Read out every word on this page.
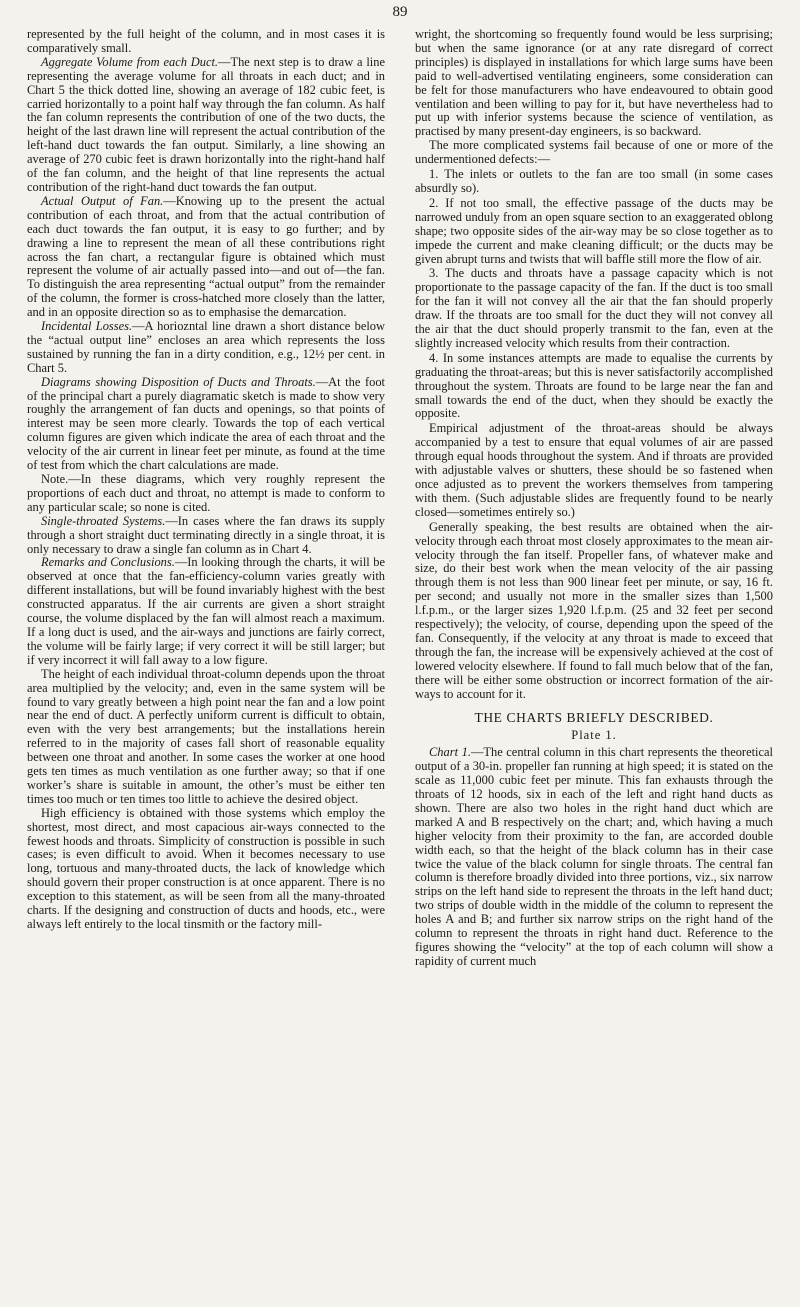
89

represented by the full height of the column, and in most cases it is comparatively small.

Aggregate Volume from each Duct.—The next step is to draw a line representing the average volume for all throats in each duct; and in Chart 5 the thick dotted line, showing an average of 182 cubic feet, is carried horizontally to a point half way through the fan column. As half the fan column represents the contribution of one of the two ducts, the height of the last drawn line will represent the actual contribution of the left-hand duct towards the fan output. Similarly, a line showing an average of 270 cubic feet is drawn horizontally into the right-hand half of the fan column, and the height of that line represents the actual contribution of the right-hand duct towards the fan output.

Actual Output of Fan.—Knowing up to the present the actual contribution of each throat, and from that the actual contribution of each duct towards the fan output, it is easy to go further; and by drawing a line to represent the mean of all these contributions right across the fan chart, a rectangular figure is obtained which must represent the volume of air actually passed into—and out of—the fan. To distinguish the area representing “actual output” from the remainder of the column, the former is cross-hatched more closely than the latter, and in an opposite direction so as to emphasise the demarcation.

Incidental Losses.—A horiozntal line drawn a short distance below the “actual output line” encloses an area which represents the loss sustained by running the fan in a dirty condition, e.g., 12½ per cent. in Chart 5.

Diagrams showing Disposition of Ducts and Throats.—At the foot of the principal chart a purely diagramatic sketch is made to show very roughly the arrangement of fan ducts and openings, so that points of interest may be seen more clearly. Towards the top of each vertical column figures are given which indicate the area of each throat and the velocity of the air current in linear feet per minute, as found at the time of test from which the chart calculations are made.

Note.—In these diagrams, which very roughly represent the proportions of each duct and throat, no attempt is made to conform to any particular scale; so none is cited.

Single-throated Systems.—In cases where the fan draws its supply through a short straight duct terminating directly in a single throat, it is only necessary to draw a single fan column as in Chart 4.

Remarks and Conclusions.—In looking through the charts, it will be observed at once that the fan-efficiency-column varies greatly with different installations, but will be found invariably highest with the best constructed apparatus. If the air currents are given a short straight course, the volume displaced by the fan will almost reach a maximum. If a long duct is used, and the air-ways and junctions are fairly correct, the volume will be fairly large; if very correct it will be still larger; but if very incorrect it will fall away to a low figure.

The height of each individual throat-column depends upon the throat area multiplied by the velocity; and, even in the same system will be found to vary greatly between a high point near the fan and a low point near the end of duct. A perfectly uniform current is difficult to obtain, even with the very best arrangements; but the installations herein referred to in the majority of cases fall short of reasonable equality between one throat and another. In some cases the worker at one hood gets ten times as much ventilation as one further away; so that if one worker’s share is suitable in amount, the other’s must be either ten times too much or ten times too little to achieve the desired object.

High efficiency is obtained with those systems which employ the shortest, most direct, and most capacious air-ways connected to the fewest hoods and throats. Simplicity of construction is possible in such cases; is even difficult to avoid. When it becomes necessary to use long, tortuous and many-throated ducts, the lack of knowledge which should govern their proper construction is at once apparent. There is no exception to this statement, as will be seen from all the many-throated charts. If the designing and construction of ducts and hoods, etc., were always left entirely to the local tinsmith or the factory mill-

wright, the shortcoming so frequently found would be less surprising; but when the same ignorance (or at any rate disregard of correct principles) is displayed in installations for which large sums have been paid to well-advertised ventilating engineers, some consideration can be felt for those manufacturers who have endeavoured to obtain good ventilation and been willing to pay for it, but have nevertheless had to put up with inferior systems because the science of ventilation, as practised by many present-day engineers, is so backward.

The more complicated systems fail because of one or more of the undermentioned defects:—

1. The inlets or outlets to the fan are too small (in some cases absurdly so).

2. If not too small, the effective passage of the ducts may be narrowed unduly from an open square section to an exaggerated oblong shape; two opposite sides of the air-way may be so close together as to impede the current and make cleaning difficult; or the ducts may be given abrupt turns and twists that will baffle still more the flow of air.

3. The ducts and throats have a passage capacity which is not proportionate to the passage capacity of the fan. If the duct is too small for the fan it will not convey all the air that the fan should properly draw. If the throats are too small for the duct they will not convey all the air that the duct should properly transmit to the fan, even at the slightly increased velocity which results from their contraction.

4. In some instances attempts are made to equalise the currents by graduating the throat-areas; but this is never satisfactorily accomplished throughout the system. Throats are found to be large near the fan and small towards the end of the duct, when they should be exactly the opposite.

Empirical adjustment of the throat-areas should be always accompanied by a test to ensure that equal volumes of air are passed through equal hoods throughout the system. And if throats are provided with adjustable valves or shutters, these should be so fastened when once adjusted as to prevent the workers themselves from tampering with them. (Such adjustable slides are frequently found to be nearly closed—sometimes entirely so.)

Generally speaking, the best results are obtained when the air-velocity through each throat most closely approximates to the mean air-velocity through the fan itself. Propeller fans, of whatever make and size, do their best work when the mean velocity of the air passing through them is not less than 900 linear feet per minute, or say, 16 ft. per second; and usually not more in the smaller sizes than 1,500 l.f.p.m., or the larger sizes 1,920 l.f.p.m. (25 and 32 feet per second respectively); the velocity, of course, depending upon the speed of the fan. Consequently, if the velocity at any throat is made to exceed that through the fan, the increase will be expensively achieved at the cost of lowered velocity elsewhere. If found to fall much below that of the fan, there will be either some obstruction or incorrect formation of the air-ways to account for it.

THE CHARTS BRIEFLY DESCRIBED.
Plate 1.

Chart 1.—The central column in this chart represents the theoretical output of a 30-in. propeller fan running at high speed; it is stated on the scale as 11,000 cubic feet per minute. This fan exhausts through the throats of 12 hoods, six in each of the left and right hand ducts as shown. There are also two holes in the right hand duct which are marked A and B respectively on the chart; and, which having a much higher velocity from their proximity to the fan, are accorded double width each, so that the height of the black column has in their case twice the value of the black column for single throats. The central fan column is therefore broadly divided into three portions, viz., six narrow strips on the left hand side to represent the throats in the left hand duct; two strips of double width in the middle of the column to represent the holes A and B; and further six narrow strips on the right hand of the column to represent the throats in right hand duct. Reference to the figures showing the “velocity” at the top of each column will show a rapidity of current much
